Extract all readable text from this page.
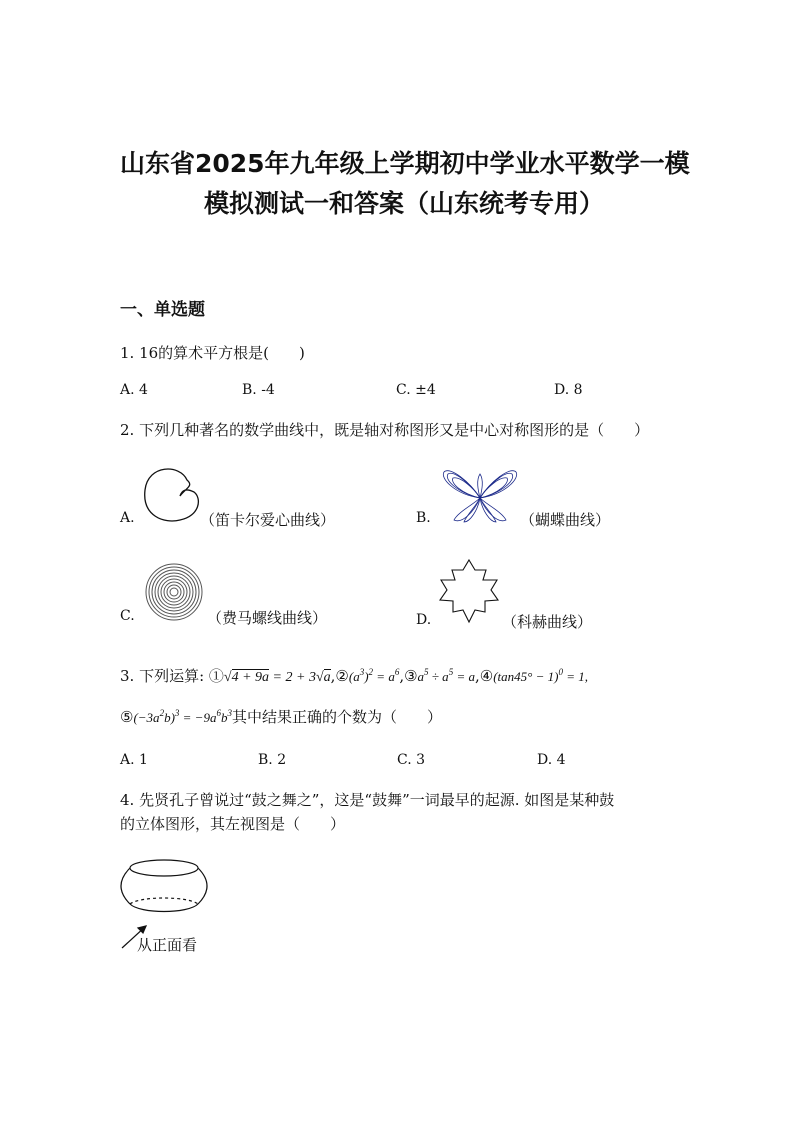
山东省2025年九年级上学期初中学业水平数学一模
模拟测试一和答案（山东统考专用）
一、单选题
1. 16的算术平方根是(　　)
A. 4	B. -4	C. ±4	D. 8
2. 下列几种著名的数学曲线中，既是轴对称图形又是中心对称图形的是（　　）
A.	（笛卡尔爱心曲线）	B.	（蝴蝶曲线）
C.	（费马螺线曲线）	D.	（科赫曲线）
3. 下列运算: ①√4 + $9a = 2 + 3√a,②(a^3)^2$ = $a^6,③a^5 \div a^5$ = a,④(tan45° − 1)$^0$ = 1,
$⑤(-3a^2b)^3 = -9a^6b^3$其中结果正确的个数为（　　）
A. 1	B. 2	C. 3	D. 4
4. 先贤孔子曾说过“鼓之舞之”，这是“鼓舞”一词最早的起源. 如图是某种鼓
的立体图形，其左视图是（　　）
从正面看
